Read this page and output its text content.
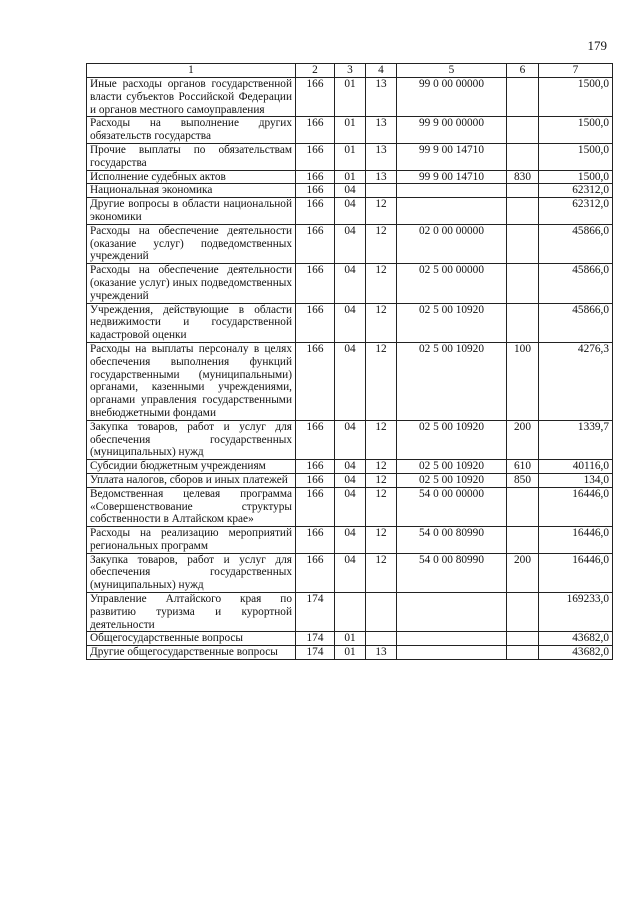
179
1	2	3	4	5	6	7
Иные расходы органов государственной власти субъектов Российской Федерации и органов местного самоуправления	166	01	13	99 0 00 00000		1500,0
Расходы на выполнение других обязательств государства	166	01	13	99 9 00 00000		1500,0
Прочие выплаты по обязательствам государства	166	01	13	99 9 00 14710		1500,0
Исполнение судебных актов	166	01	13	99 9 00 14710	830	1500,0
Национальная экономика	166	04				62312,0
Другие вопросы в области национальной экономики	166	04	12			62312,0
Расходы на обеспечение деятельности (оказание услуг) подведомственных учреждений	166	04	12	02 0 00 00000		45866,0
Расходы на обеспечение деятельности (оказание услуг) иных подведомственных учреждений	166	04	12	02 5 00 00000		45866,0
Учреждения, действующие в области недвижимости и государственной кадастровой оценки	166	04	12	02 5 00 10920		45866,0
Расходы на выплаты персоналу в целях обеспечения выполнения функций государственными (муниципальными) органами, казенными учреждениями, органами управления государственными внебюджетными фондами	166	04	12	02 5 00 10920	100	4276,3
Закупка товаров, работ и услуг для обеспечения государственных (муниципальных) нужд	166	04	12	02 5 00 10920	200	1339,7
Субсидии бюджетным учреждениям	166	04	12	02 5 00 10920	610	40116,0
Уплата налогов, сборов и иных платежей	166	04	12	02 5 00 10920	850	134,0
Ведомственная целевая программа «Совершенствование структуры собственности в Алтайском крае»	166	04	12	54 0 00 00000		16446,0
Расходы на реализацию мероприятий региональных программ	166	04	12	54 0 00 80990		16446,0
Закупка товаров, работ и услуг для обеспечения государственных (муниципальных) нужд	166	04	12	54 0 00 80990	200	16446,0
Управление Алтайского края по развитию туризма и курортной деятельности	174					169233,0
Общегосударственные вопросы	174	01				43682,0
Другие общегосударственные вопросы	174	01	13			43682,0
